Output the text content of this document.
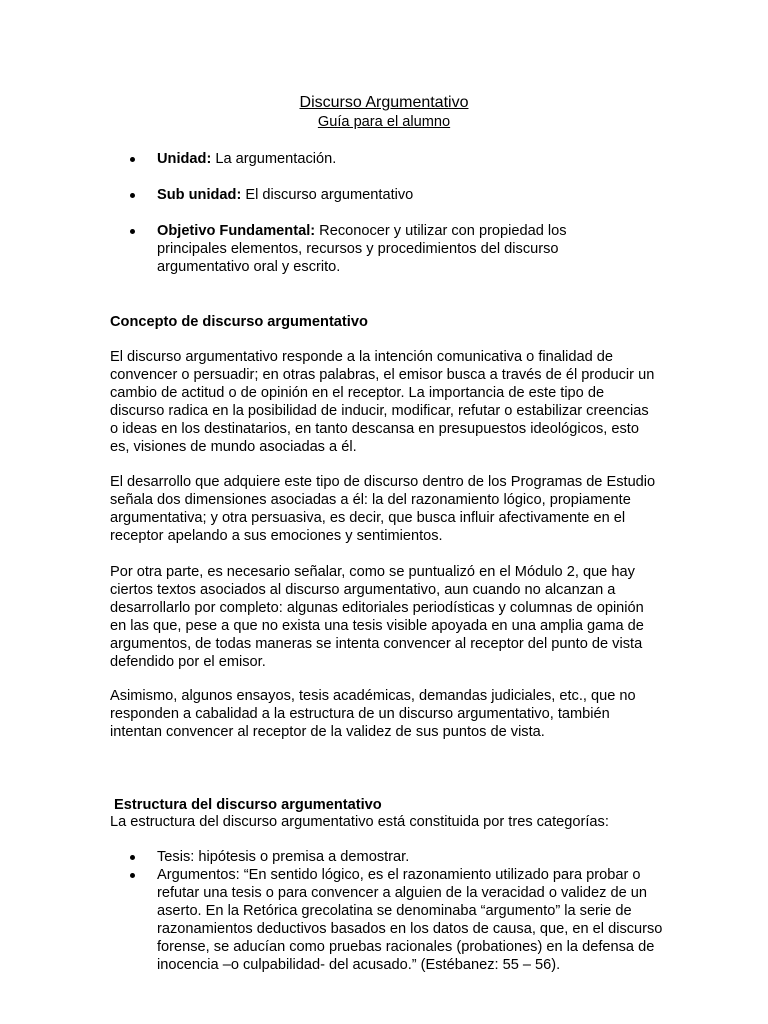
Discurso Argumentativo
Guía para el alumno
Unidad: La argumentación.
Sub unidad: El discurso argumentativo
Objetivo Fundamental: Reconocer y utilizar con propiedad los principales elementos, recursos y procedimientos del discurso argumentativo oral y escrito.
Concepto de discurso argumentativo

El discurso argumentativo responde a la intención comunicativa o finalidad de convencer o persuadir; en otras palabras, el emisor busca a través de él producir un cambio de actitud o de opinión en el receptor. La importancia de este tipo de discurso radica en la posibilidad de inducir, modificar, refutar o estabilizar creencias o ideas en los destinatarios, en tanto descansa en presupuestos ideológicos, esto es, visiones de mundo asociadas a él.

El desarrollo que adquiere este tipo de discurso dentro de los Programas de Estudio señala dos dimensiones asociadas a él: la del razonamiento lógico, propiamente argumentativa; y otra persuasiva, es decir, que busca influir afectivamente en el receptor apelando a sus emociones y sentimientos.

Por otra parte, es necesario señalar, como se puntualizó en el Módulo 2, que hay ciertos textos asociados al discurso argumentativo, aun cuando no alcanzan a desarrollarlo por completo: algunas editoriales periodísticas y columnas de opinión en las que, pese a que no exista una tesis visible apoyada en una amplia gama de argumentos, de todas maneras se intenta convencer al receptor del punto de vista defendido por el emisor.

Asimismo, algunos ensayos, tesis académicas, demandas judiciales, etc., que no responden a cabalidad a la estructura de un discurso argumentativo, también intentan convencer al receptor de la validez de sus puntos de vista.

Estructura del discurso argumentativo

La estructura del discurso argumentativo está constituida por tres categorías:

Tesis: hipótesis o premisa a demostrar.
Argumentos: “En sentido lógico, es el razonamiento utilizado para probar o refutar una tesis o para convencer a alguien de la veracidad o validez de un aserto. En la Retórica grecolatina se denominaba “argumento” la serie de razonamientos deductivos basados en los datos de causa, que, en el discurso forense, se aducían como pruebas racionales (probationes) en la defensa de inocencia –o culpabilidad- del acusado.” (Estébanez: 55 – 56).
